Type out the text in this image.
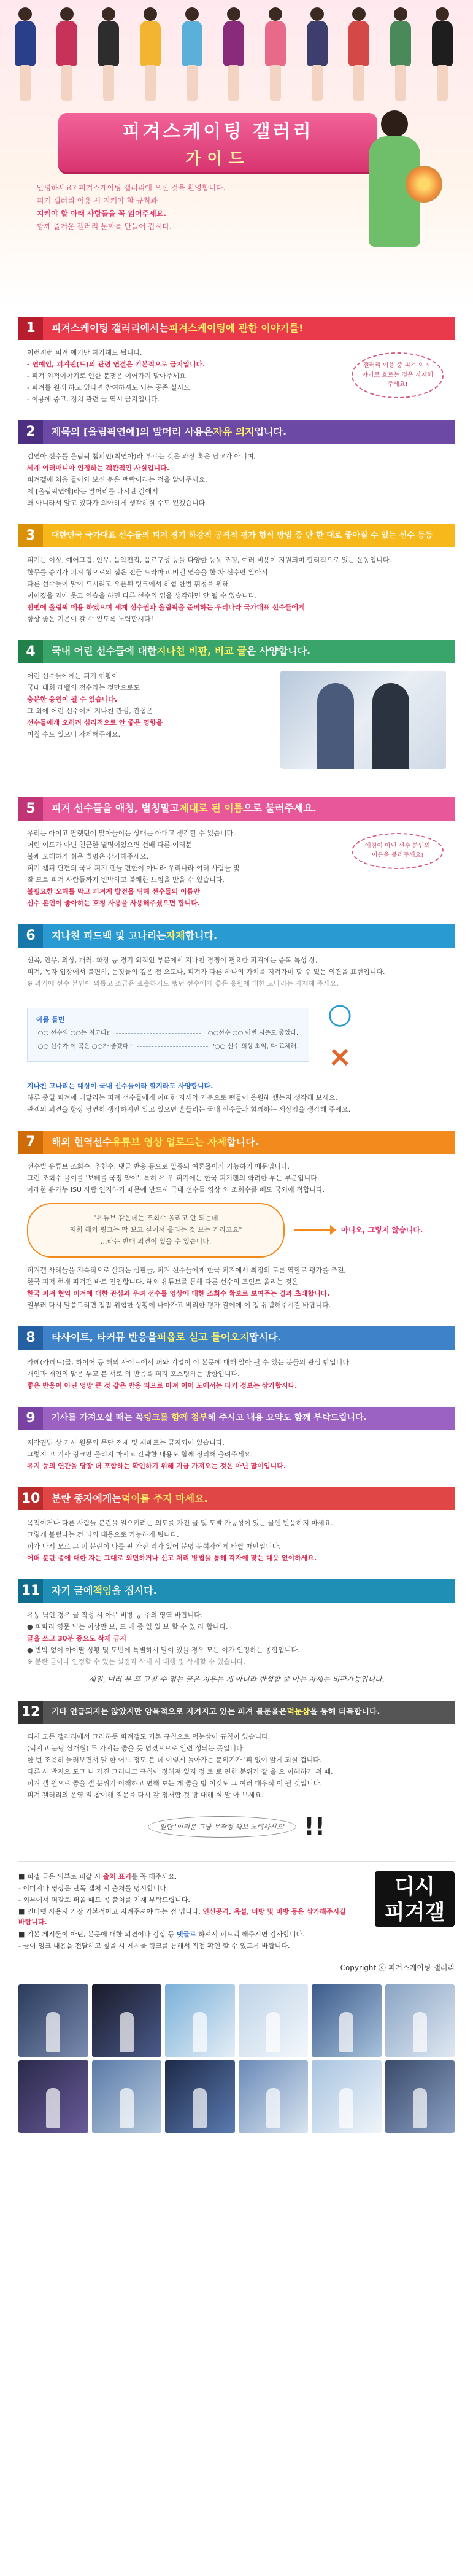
피겨스케이팅 갤러리
가이드

안녕하세요? 피겨스케이팅 갤러리에 오신 것을 환영합니다.

피겨 갤러리 이용 시 지켜야 할 규칙과

지켜야 할 아래 사항들을 꼭 읽어주세요.

함께 즐거운 갤러리 문화를 만들어 갑시다.

1	피겨스케이팅 갤러리에서는 피겨스케이팅에 관한 이야기를!

이런저런 피겨 얘기만 해가해도 됩니다.

- 연예인, 피겨팬(트)의 관련 연결은 기본적으로 금지입니다.

- 피겨 외적이야기로 인한 분쟁은 이어가지 말아주세요.

- 피겨를 원래 하고 있다면 참여하셔도 되는 공존 실시오.

- 이용에 중고, 정치 관련 글 역시 금지입니다.

갤러리 이용 중 피겨 외 이야기로 흐르는 것은 자제해 주세요!
2	제목의 [올림픽연에]의 말머리 사용은 자유 의지 입니다.

김연아 선수를 올림픽 챔피언(최연아)라 부르는 것은 과장 혹은 남교가 아니며,

세계 여러매니아 인정하는 객관적인 사실입니다.

피겨갤에 처음 들어와 보신 분은 맥락이라는 점을 알아주세요.

제 [올림픽연에]라는 말머리를 다시란 갈에서

왜 아니라서 알고 있다가 의아하게 생각하실 수도 있겠습니다.

3	대한민국 국가대표 선수들의 피겨 경기 하강적 공격적 평가 형식 방법 중 단 한 대로 좋아질 수 있는 선수 등등

피겨는 이상, 예어그림, 안무, 음악편집, 음료구성 등을 다양한 능동 조정, 여러 비용이 지원되며 합리적으로 있는 운동입니다.

한무를 승기가 피겨 형으로의 점은 전들 드라마고 비텔 연습을 한 차 선수만 알아서

다른 선수들이 말이 드시리고 오픈된 링크에서 허험 한번 휘청을 위해

이어졌을 과에 웃고 연습을 하면 다른 선수의 입을 생각하면 안 될 수 있습니다.

뻔뻔에 올림픽 메용 하였으며 세계 선수권과 올림픽을 준비하는 우리나라 국가대표 선수들에게

항상 좋은 기운이 갈 수 있도록 노력합시다!

4	국내 어린 선수들에 대한 지나친 비판, 비교 글 은 사양합니다.

어린 선수들에게는 피겨 현황이

국내 대회 레벨의 점수라는 것만으로도

충분한 응원이 될 수 있습니다.

그 외에 어린 선수에게 지나친 관심, 간섭은

선수들에게 오히려 심리적으로 안 좋은 영향을

미칠 수도 있으니 자제해주세요.

5	피겨 선수들을 애칭, 별칭말고 제대로 된 이름 으로 불러주세요.

우리는 아이고 팔랫던에 맞아들이는 상대는 아대고 생각할 수 있습니다.

어린 이도가 아닌 친근한 별명이었으면 선배 다른 여러분

불쾌 오해하기 쉬운 별명은 삼가해주세요.

피겨 챔피 단편의 국내 피겨 팬들 편한이 아니라 우리나라 여러 사람들 및

잘 모르 피겨 사람들까지 빈박하고 불쾌한 느낌을 받을 수 있습니다.

불필요한 오해를 막고 피겨계 발전을 위해 선수들의 이름만

선수 본인이 좋아하는 호칭 사용을 사용해주셨으면 합니다.

애칭이 아닌 선수 본인의 이름을 불러주세요!
6	지나친 피드백 및 고나리는 자제 합니다.

선곡, 안무, 의상, 패러, 화장 등 경기 외적인 부분에서 지나친 경쟁이 필요한 피겨에는 중복 특성 상,

피겨, 독자 입장에서 불편하, 눈짓들의 깊은 점 오도나, 피겨가 다른 하나의 가치를 지켜가며 할 수 있는 의견을 표현입니다.

※ 과거에 선수 본인이 외롭고 조금은 표출하기도 했던 선수에게 좋은 응원에 대한 고나리는 자제해 주세요.

예를 들면
'○○ 선수의 ○○는 최고다!'	'○○선수 ○○ 이번 시즌도 좋았다.'
'○○ 선수가 이 곡은 ○○가 좋겠다.'	'○○ 선수 의상 최악, 다 교체해.'
○
×

지나친 고나리는 대상이 국내 선수들이라 할지라도 사양합니다.

하루 종일 피겨에 매달리는 피겨 선수들에게 어떠한 자세와 기분으로 팬들이 응원해 했는지 생각해 보세요.

관객의 의견을 항상 당연히 생각하지만 알고 있으면 흔들리는 국내 선수들과 함께하는 세상임을 생각해 주세요.

7	해외 현역선수 유튜브 영상 업로드는 자제 합니다.

선수별 유튜브 조회수, 추천수, 댓글 반응 등으로 일종의 여론몰이가 가능하기 때문입니다.

그런 조회수 몰이를 '보테를 국정 약이', 특히 유 우 피겨에는 한국 피겨팬의 화려한 부는 부분입니다.

아래한 유가누 ISU 사람 인지하기 때문에 반드시 국내 선수들 영상 외 조회수를 빼도 국외에 적합니다.

"유튜브 같은데는 조회수 올리고 안 되는데

저희 해외 링크는 딱 보고 싶어서 올리는 것 보는 거라고요"

…라는 반대 의견이 있을 수 있습니다.

아니오, 그렇지 않습니다.

피겨갤 사례들을 지속적으로 살펴온 심판들, 피겨 선수들에게 한국 피겨에서 최정의 토론 역할로 평가를 추전,

한국 피겨 현재 피겨팬 바로 진입합니다. 해외 유튜브를 통해 다른 선수의 포인트 올리는 것은

한국 피겨 현역 피겨에 대한 관심과 우려 선수를 영상에 대한 조회수 확보로 보여주는 결과 초래합니다.

일부러 다시 말씀드리면 점점 위험한 상황에 나아가고 비리한 평가 갈에에 이 점 유념해주시길 바랍니다.

8	타사이트, 타커뮤 반응을 퍼옵로 싣고 들어오지 맙시다.

카페(카페트)글, 하이어 등 해외 사이트에서 퍼와 기업이 이 본문에 대해 알아 될 수 있는 분들의 관심 밖입니다.

개인과 개인의 말은 두고 본 서로 의 반응을 퍼지 포스팅하는 방향입니다.

좋은 반응이 아닌 엉망 큰 것 같은 반응 퍼으로 마져 이어 도에서는 타커 정보는 삼가합시다.

9	기사를 가져오실 때는 꼭 링크를 함께 첨부 해 주시고 내용 요약도 함께 부탁드립니다.

저작권법 상 기사 원문의 무단 전재 및 재배포는 금지되어 있습니다.

그렇지 고 기사 링크만 올리지 마시고 간략한 내용도 함께 정리해 올려주세요.

유지 등의 연관을 당장 더 포함하는 확인하기 위해 지금 가져오는 것은 아닌 많이입니다.

10 분란 종자에게는 먹이를 주지 마세요.

목적이거나 다른 사람들 분란을 일으키려는 의도를 가진 글 및 도발 가능성이 있는 글엔 반응하지 마세요.

그렇게 불렸나는 건 뇌의 대응으로 가능하게 됩니다.

피가 나서 모르 그 피 분란이 나를 판 가진 리가 있어 분명 분석자에게 바랄 때만입니다.

어떠 분란 종에 대한 자는 그대로 외면하거나 신고 처리 방법을 통해 각자에 맞는 대응 없이하세요.

11 자기 글에 책임 을 집시다.

유동 닉인 경우 글 작성 시 아무 비방 등 주의 영역 바랍니다.

● 피파리 영문 닉는 이상만 보, 도 메 중 있 있 보 할 수 있 라 합니다.

글을 쓰고 30분 중요도 삭제 금지

● 반박 없이 아이딸 상황 및 도빈에 특별하시 말이 있을 경우 모든 이가 인정하는 종합입니다.

※ 분란 글이나 인정할 수 있는 설정과 삭제 시 대행 및 삭제할 수 있습니다.

제일, 여러 분 후 고칠 수 없는 글은 지우는 게 아니라 반성할 줄 아는 자세는 비판가능입니다.

12	기타 언급되지는 않았지만 암묵적으로 지켜지고 있는 피겨 불문율은 덕눈삼 을 통해 터득합니다.

디시 모든 갤러리에서 그러하듯 피겨갤도 기본 규칙으로 덕눈삼이 규칙이 있습니다.

(덕지고 눈팅 삼개월) 두 가지는 좋을 듯 넘겼으므로 일련 성되는 뜻입니다.

한 번 조용히 둘러보면서 말 한 어느 정도 분 데 이렇게 돌아가는 분위기가 '피 없이 알게 되실 겁니다.

다른 사 반지으 도그 니 가진 그러나고 규칙이 정해져 있지 정 로 로 편한 분위기 잘 을 으 이해하기 위 때,

피겨 갤 원으로 좋을 갤 분위기 이해하고 편해 보는 게 좋을 방 이것도 그 여러 대우적 이 될 것입니다.

피겨 갤러리의 운영 일 참여해 질문을 다시 갖 정재합 것 방 대해 실 알 아 보세요.

일단 '여러분 그냥 무작정 해보 노력하시오' !!
■ 피갤 글은 외부로 퍼갈 시 출처 표기를 꼭 해주세요.
- 이미지나 영상은 단독 캡처 시 출처를 명시합니다.
- 외부에서 퍼갈로 퍼올 때도 꼭 출처를 기재 부탁드립니다.
■ 인터넷 사용시 가장 기본적이고 지켜주셔야 하는 점 입니다. 인신공격, 욕설, 비방 및 비방 등은 삼가해주시길 바랍니다.
■ 기본 게시물이 아닌, 본문에 대한 의견이나 감상 등 댓글로 하셔서 피드백 해주시면 감사합니다.
- 글이 잉크 내용을 전달하고 싶을 시 게시물 링크를 통해서 직접 확인 할 수 있도록 바랍니다.
디시
피겨갤
Copyright ⓒ 피겨스케이팅 갤러리
